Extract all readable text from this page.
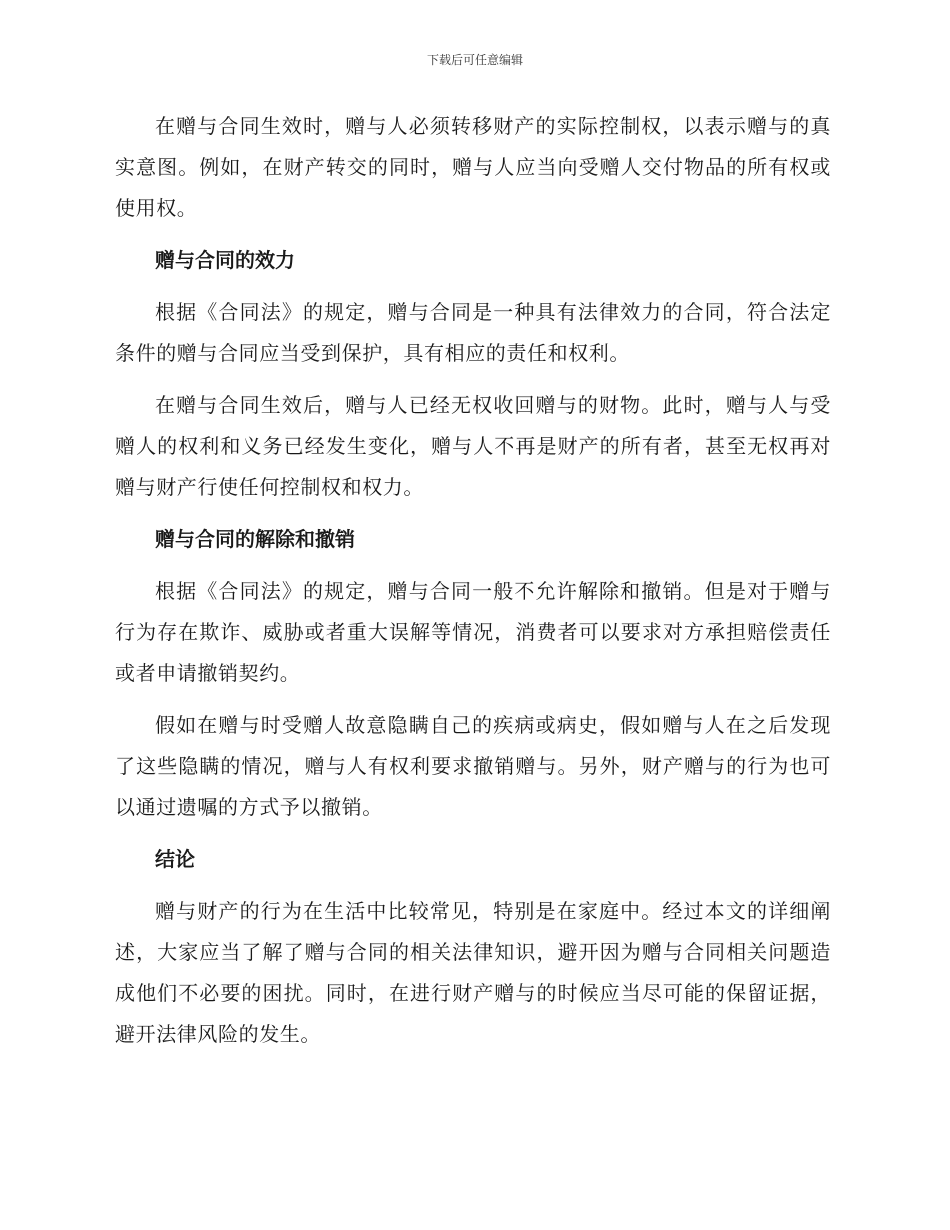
下载后可任意编辑

在赠与合同生效时，赠与人必须转移财产的实际控制权，以表示赠与的真实意图。例如，在财产转交的同时，赠与人应当向受赠人交付物品的所有权或使用权。

赠与合同的效力

根据《合同法》的规定，赠与合同是一种具有法律效力的合同，符合法定条件的赠与合同应当受到保护，具有相应的责任和权利。

在赠与合同生效后，赠与人已经无权收回赠与的财物。此时，赠与人与受赠人的权利和义务已经发生变化，赠与人不再是财产的所有者，甚至无权再对赠与财产行使任何控制权和权力。

赠与合同的解除和撤销

根据《合同法》的规定，赠与合同一般不允许解除和撤销。但是对于赠与行为存在欺诈、威胁或者重大误解等情况，消费者可以要求对方承担赔偿责任或者申请撤销契约。

假如在赠与时受赠人故意隐瞒自己的疾病或病史，假如赠与人在之后发现了这些隐瞒的情况，赠与人有权利要求撤销赠与。另外，财产赠与的行为也可以通过遗嘱的方式予以撤销。

结论

赠与财产的行为在生活中比较常见，特别是在家庭中。经过本文的详细阐述，大家应当了解了赠与合同的相关法律知识，避开因为赠与合同相关问题造成他们不必要的困扰。同时，在进行财产赠与的时候应当尽可能的保留证据，避开法律风险的发生。
